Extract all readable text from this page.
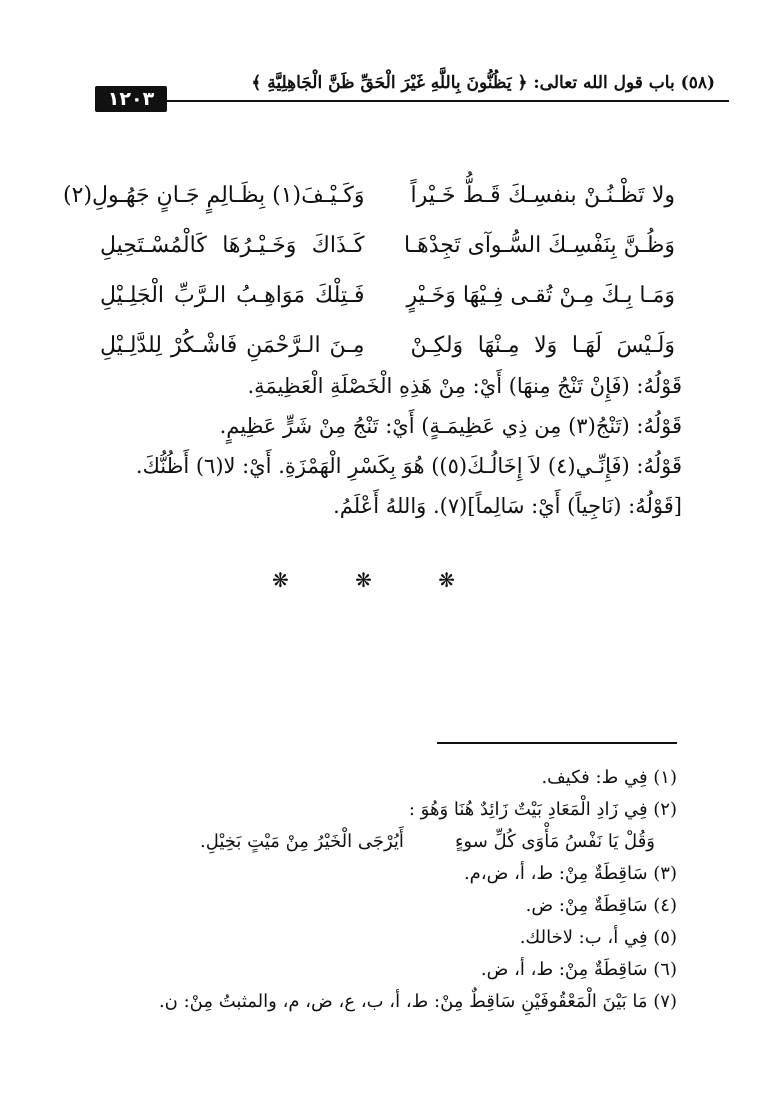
(٥٨) باب قول الله تعالى: ﴿ يَظُنُّونَ بِاللَّهِ غَيْرَ الْحَقِّ ظَنَّ الْجَاهِلِيَّةِ ﴾
١٢٠٣
ولا تَظْـنُـنْ بنفسِـكَ قَـطُّ خَـيْراً
وَكَـيْـفَ(١) بِظَـالِمٍ جَـانٍ جَهُـولِ(٢)
وَظُـنَّ بِنَفْسِـكَ السُّـوآى تَجِدْهَـا
كَـذَاكَ وَخَـيْـرُهَا كَالْمُسْـتَحِيلِ
وَمَـا بِـكَ مِـنْ تُقـى فِـيْهَا وَخَـيْرٍ
فَـتِلْكَ مَوَاهِـبُ الـرَّبِّ الْجَلِـيْلِ
وَلَـيْسَ لَهَـا وَلا مِـنْهَا وَلكِـنْ
مِـنَ الـرَّحْمَنِ فَاشْـكُرْ لِلدَّلِـيْلِ

قَوْلُهُ: (فَإِنْ تَنْجُ مِنهَا) أَيْ: مِنْ هَذِهِ الْخَصْلَةِ الْعَظِيمَةِ.

قَوْلُهُ: (تَنْجُ(٣) مِن ذِي عَظِيمَـةٍ) أَيْ: تَنْجُ مِنْ شَرٍّ عَظِيمٍ.

قَوْلُهُ: (فَإِنِّـي(٤) لاَ إِخَالُـكَ(٥)) هُوَ بِكَسْرِ الْهَمْزَةِ. أَيْ: لا(٦) أَظُنُّكَ.

[قَوْلُهُ: (نَاجِياً) أَيْ: سَالِماً](٧). وَاللهُ أَعْلَمُ.

❋ ❋ ❋

(١) فِي ط: فكيف.

(٢) فِي زَادِ الْمَعَادِ بَيْتٌ زَائِدٌ هُنَا وَهُوَ :

وَقُلْ يَا نَفْسُ مَأْوَى كُلِّ سوءٍ
أَيُرْجَى الْخَيْرُ مِنْ مَيْتٍ بَخِيْلِ.

(٣) سَاقِطَةٌ مِنْ: ط، أ، ض،م.

(٤) سَاقِطَةٌ مِنْ: ض.

(٥) فِي أ، ب: لاخالك.

(٦) سَاقِطَةٌ مِنْ: ط، أ، ض.

(٧) مَا بَيْنَ الْمَعْقُوفَيْنِ سَاقِطٌ مِنْ: ط، أ، ب، ع، ض، م، والمثبتُ مِنْ: ن.
